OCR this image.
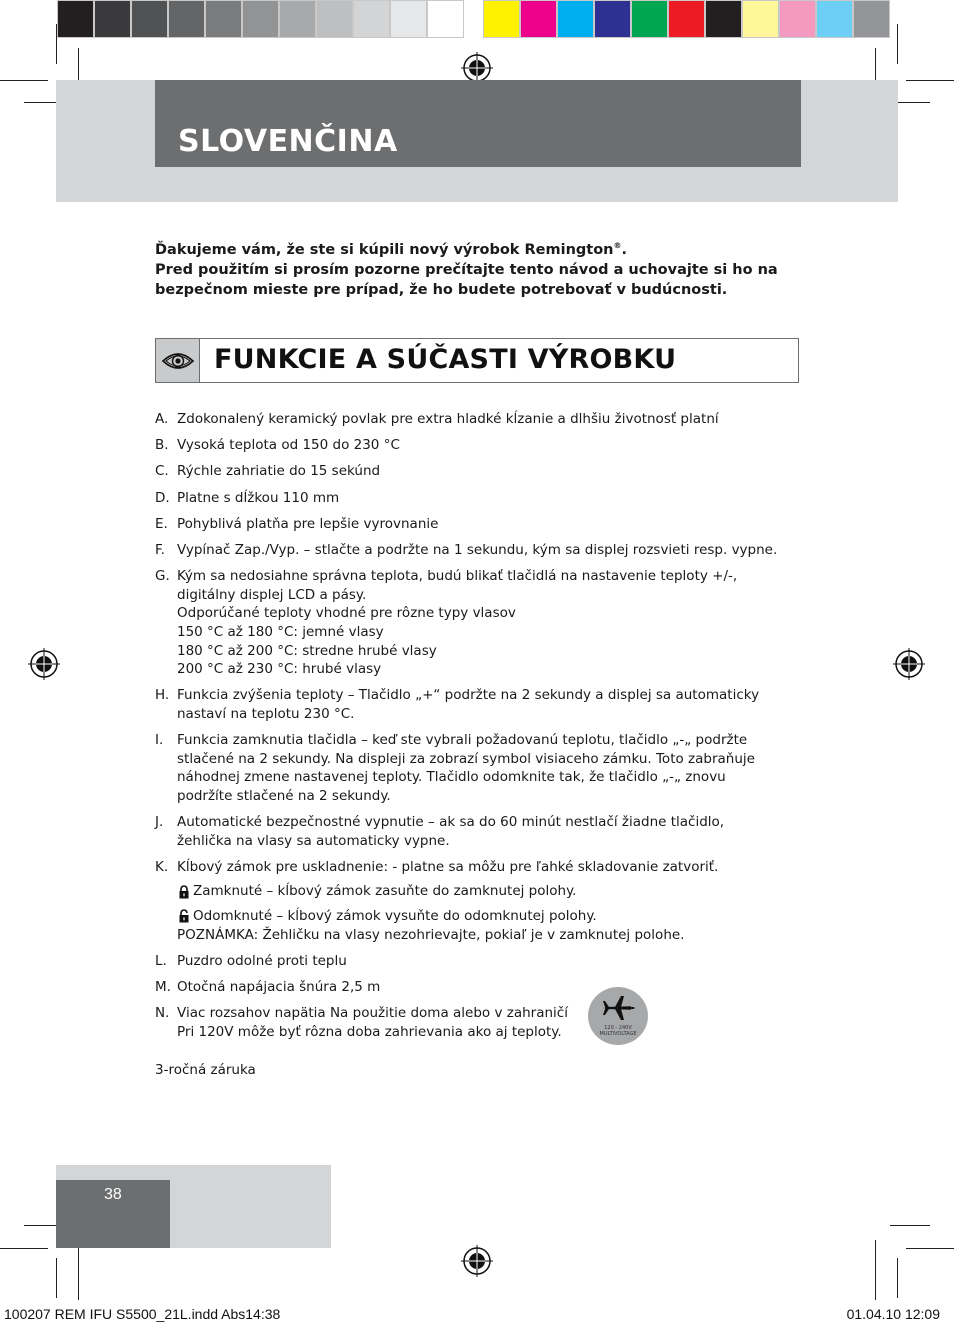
SLOVENČINA
Ďakujeme vám, že ste si kúpili nový výrobok Remington®.
Pred použitím si prosím pozorne prečítajte tento návod a uchovajte si ho na
bezpečnom mieste pre prípad, že ho budete potrebovať v budúcnosti.
FUNKCIE A SÚČASTI VÝROBKU
A. Zdokonalený keramický povlak pre extra hladké kĺzanie a dlhšiu životnosť platní
B. Vysoká teplota od 150 do 230 °C
C. Rýchle zahriatie do 15 sekúnd
D. Platne s dĺžkou 110 mm
E. Pohyblivá platňa pre lepšie vyrovnanie
F. Vypínač Zap./Vyp. – stlačte a podržte na 1 sekundu, kým sa displej rozsvieti resp. vypne.
G. Kým sa nedosiahne správna teplota, budú blikať tlačidlá na nastavenie teploty +/-,
digitálny displej LCD a pásy.
Odporúčané teploty vhodné pre rôzne typy vlasov
150 °C až 180 °C: jemné vlasy
180 °C až 200 °C: stredne hrubé vlasy
200 °C až 230 °C: hrubé vlasy
H. Funkcia zvýšenia teploty – Tlačidlo „+“ podržte na 2 sekundy a displej sa automaticky
nastaví na teplotu 230 °C.
I.	Funkcia zamknutia tlačidla – keď ste vybrali požadovanú teplotu, tlačidlo „-„ podržte
stlačené na 2 sekundy. Na displeji za zobrazí symbol visiaceho zámku. Toto zabraňuje
náhodnej zmene nastavenej teploty. Tlačidlo odomknite tak, že tlačidlo „-„ znovu
podržíte stlačené na 2 sekundy.
J.	Automatické bezpečnostné vypnutie – ak sa do 60 minút nestlačí žiadne tlačidlo,
žehlička na vlasy sa automaticky vypne.
K. Kĺbový zámok pre uskladnenie: - platne sa môžu pre ľahké skladovanie zatvoriť.
Zamknuté – kĺbový zámok zasuňte do zamknutej polohy.
Odomknuté – kĺbový zámok vysuňte do odomknutej polohy.
POZNÁMKA: Žehličku na vlasy nezohrievajte, pokiaľ je v zamknutej polohe.
L. Puzdro odolné proti teplu
M. Otočná napájacia šnúra 2,5 m
N. Viac rozsahov napätia Na použitie doma alebo v zahraničí
Pri 120V môže byť rôzna doba zahrievania ako aj teploty.	120 - 240V
MULTIVOLTAGE
3-ročná záruka
38
100207 REM IFU S5500_21L.indd Abs14:38	01.04.10 12:09
